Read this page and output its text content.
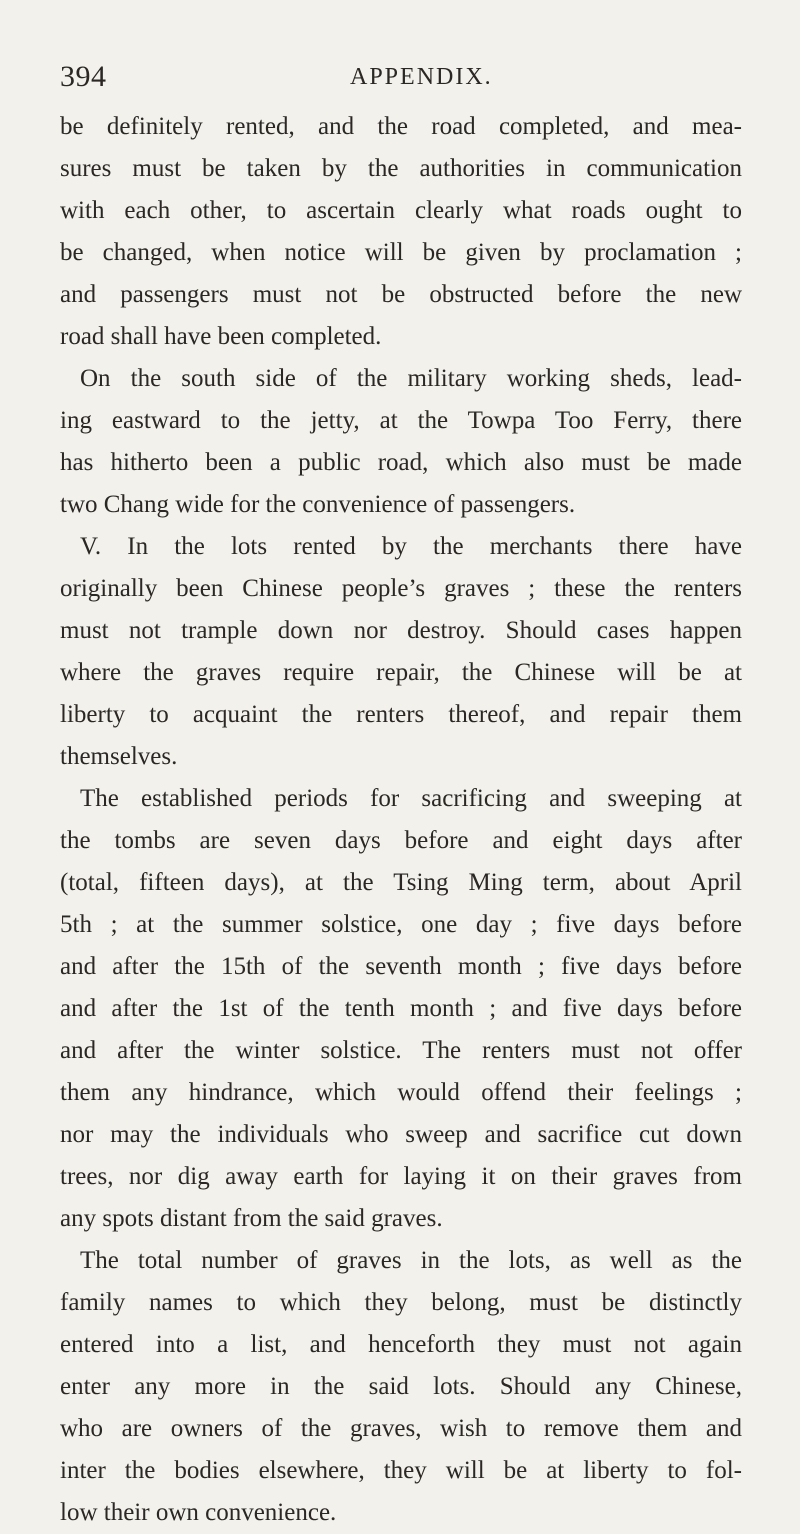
394	APPENDIX.
be definitely rented, and the road completed, and mea-
sures must be taken by the authorities in communication
with each other, to ascertain clearly what roads ought to
be changed, when notice will be given by proclamation ;
and passengers must not be obstructed before the new
road shall have been completed.
On the south side of the military working sheds, lead-
ing eastward to the jetty, at the Towpa Too Ferry, there
has hitherto been a public road, which also must be made
two Chang wide for the convenience of passengers.
V. In the lots rented by the merchants there have
originally been Chinese people’s graves ; these the renters
must not trample down nor destroy. Should cases happen
where the graves require repair, the Chinese will be at
liberty to acquaint the renters thereof, and repair them
themselves.
The established periods for sacrificing and sweeping at
the tombs are seven days before and eight days after
(total, fifteen days), at the Tsing Ming term, about April
5th ; at the summer solstice, one day ; five days before
and after the 15th of the seventh month ; five days before
and after the 1st of the tenth month ; and five days before
and after the winter solstice. The renters must not offer
them any hindrance, which would offend their feelings ;
nor may the individuals who sweep and sacrifice cut down
trees, nor dig away earth for laying it on their graves from
any spots distant from the said graves.
The total number of graves in the lots, as well as the
family names to which they belong, must be distinctly
entered into a list, and henceforth they must not again
enter any more in the said lots. Should any Chinese,
who are owners of the graves, wish to remove them and
inter the bodies elsewhere, they will be at liberty to fol-
low their own convenience.
